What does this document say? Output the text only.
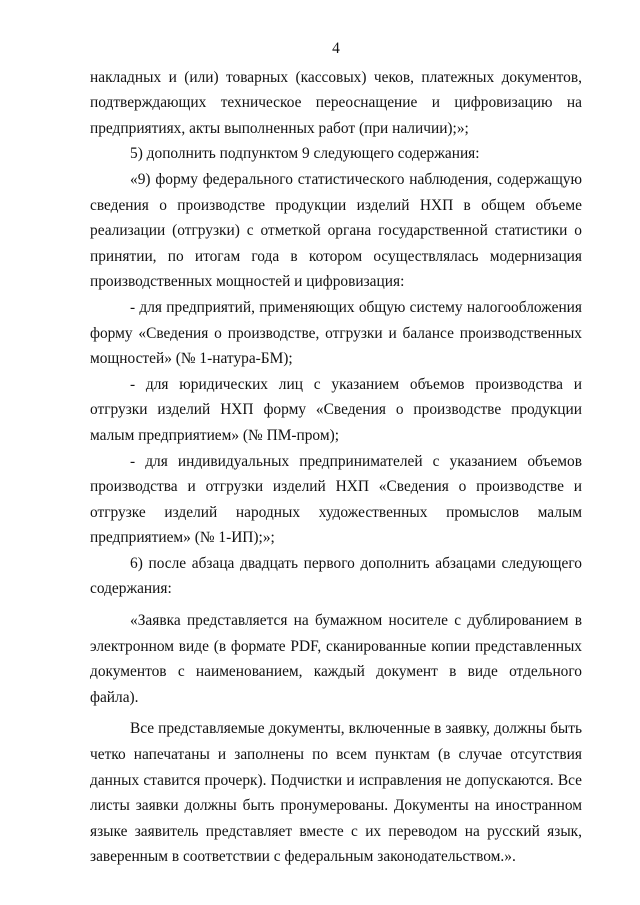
4

накладных и (или) товарных (кассовых) чеков, платежных документов, подтверждающих техническое переоснащение и цифровизацию на предприятиях, акты выполненных работ (при наличии);»;

5) дополнить подпунктом 9 следующего содержания:

«9) форму федерального статистического наблюдения, содержащую сведения о производстве продукции изделий НХП в общем объеме реализации (отгрузки) с отметкой органа государственной статистики о принятии, по итогам года в котором осуществлялась модернизация производственных мощностей и цифровизация:

- для предприятий, применяющих общую систему налогообложения форму «Сведения о производстве, отгрузки и балансе производственных мощностей» (№ 1-натура-БМ);

- для юридических лиц с указанием объемов производства и отгрузки изделий НХП форму «Сведения о производстве продукции малым предприятием» (№ ПМ-пром);

- для индивидуальных предпринимателей с указанием объемов производства и отгрузки изделий НХП «Сведения о производстве и отгрузке изделий народных художественных промыслов малым предприятием» (№ 1-ИП);»;

6) после абзаца двадцать первого дополнить абзацами следующего содержания:

«Заявка представляется на бумажном носителе с дублированием в электронном виде (в формате PDF, сканированные копии представленных документов с наименованием, каждый документ в виде отдельного файла).

Все представляемые документы, включенные в заявку, должны быть четко напечатаны и заполнены по всем пунктам (в случае отсутствия данных ставится прочерк). Подчистки и исправления не допускаются. Все листы заявки должны быть пронумерованы. Документы на иностранном языке заявитель представляет вместе с их переводом на русский язык, заверенным в соответствии с федеральным законодательством.».
